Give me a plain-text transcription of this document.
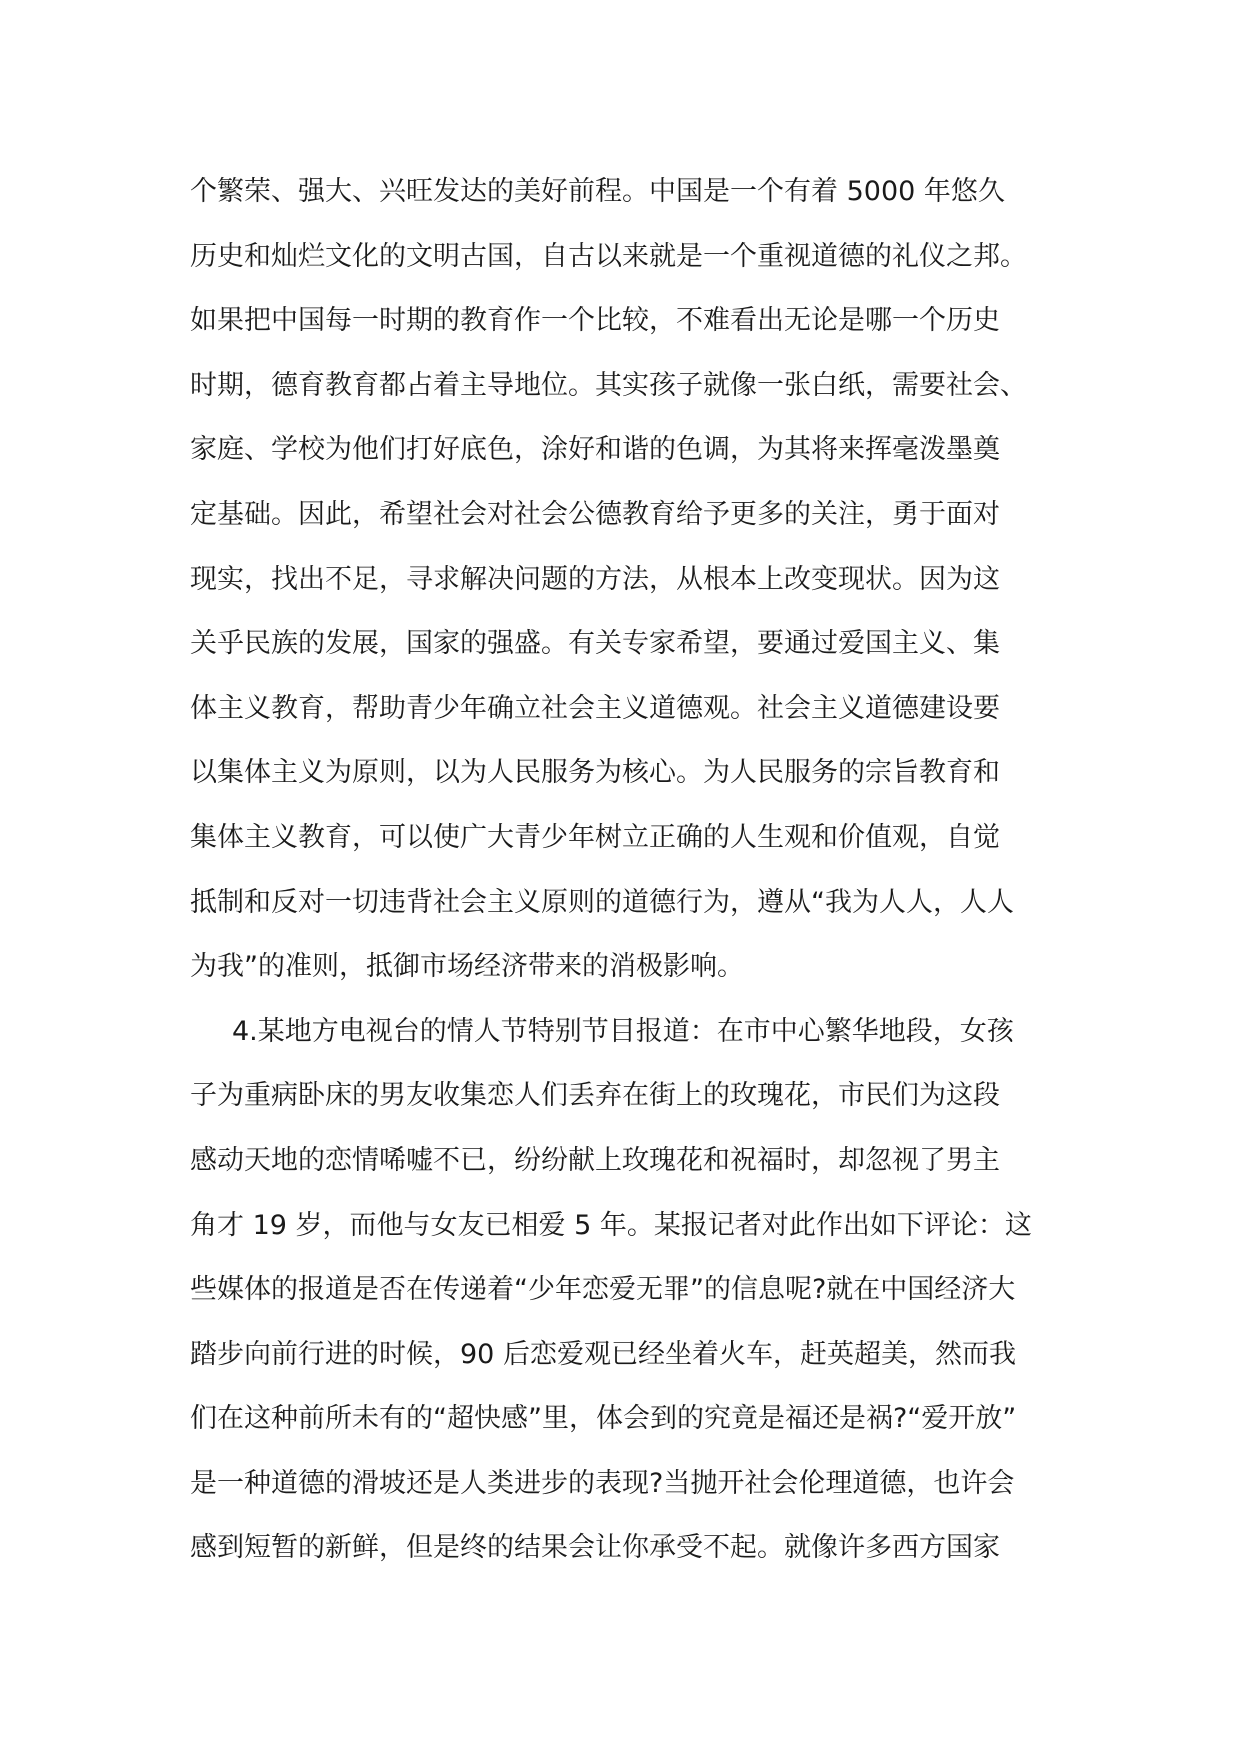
个繁荣、强大、兴旺发达的美好前程。中国是一个有着 5000 年悠久
历史和灿烂文化的文明古国，自古以来就是一个重视道德的礼仪之邦。
如果把中国每一时期的教育作一个比较，不难看出无论是哪一个历史
时期，德育教育都占着主导地位。其实孩子就像一张白纸，需要社会、
家庭、学校为他们打好底色，涂好和谐的色调，为其将来挥毫泼墨奠
定基础。因此，希望社会对社会公德教育给予更多的关注，勇于面对
现实，找出不足，寻求解决问题的方法，从根本上改变现状。因为这
关乎民族的发展，国家的强盛。有关专家希望，要通过爱国主义、集
体主义教育，帮助青少年确立社会主义道德观。社会主义道德建设要
以集体主义为原则，以为人民服务为核心。为人民服务的宗旨教育和
集体主义教育，可以使广大青少年树立正确的人生观和价值观，自觉
抵制和反对一切违背社会主义原则的道德行为，遵从“我为人人，人人
为我”的准则，抵御市场经济带来的消极影响。
4.某地方电视台的情人节特别节目报道：在市中心繁华地段，女孩
子为重病卧床的男友收集恋人们丢弃在街上的玫瑰花，市民们为这段
感动天地的恋情唏嘘不已，纷纷献上玫瑰花和祝福时，却忽视了男主
角才 19 岁，而他与女友已相爱 5 年。某报记者对此作出如下评论：这
些媒体的报道是否在传递着“少年恋爱无罪”的信息呢?就在中国经济大
踏步向前行进的时候，90 后恋爱观已经坐着火车，赶英超美，然而我
们在这种前所未有的“超快感”里，体会到的究竟是福还是祸?“爱开放”
是一种道德的滑坡还是人类进步的表现?当抛开社会伦理道德，也许会
感到短暂的新鲜，但是终的结果会让你承受不起。就像许多西方国家
